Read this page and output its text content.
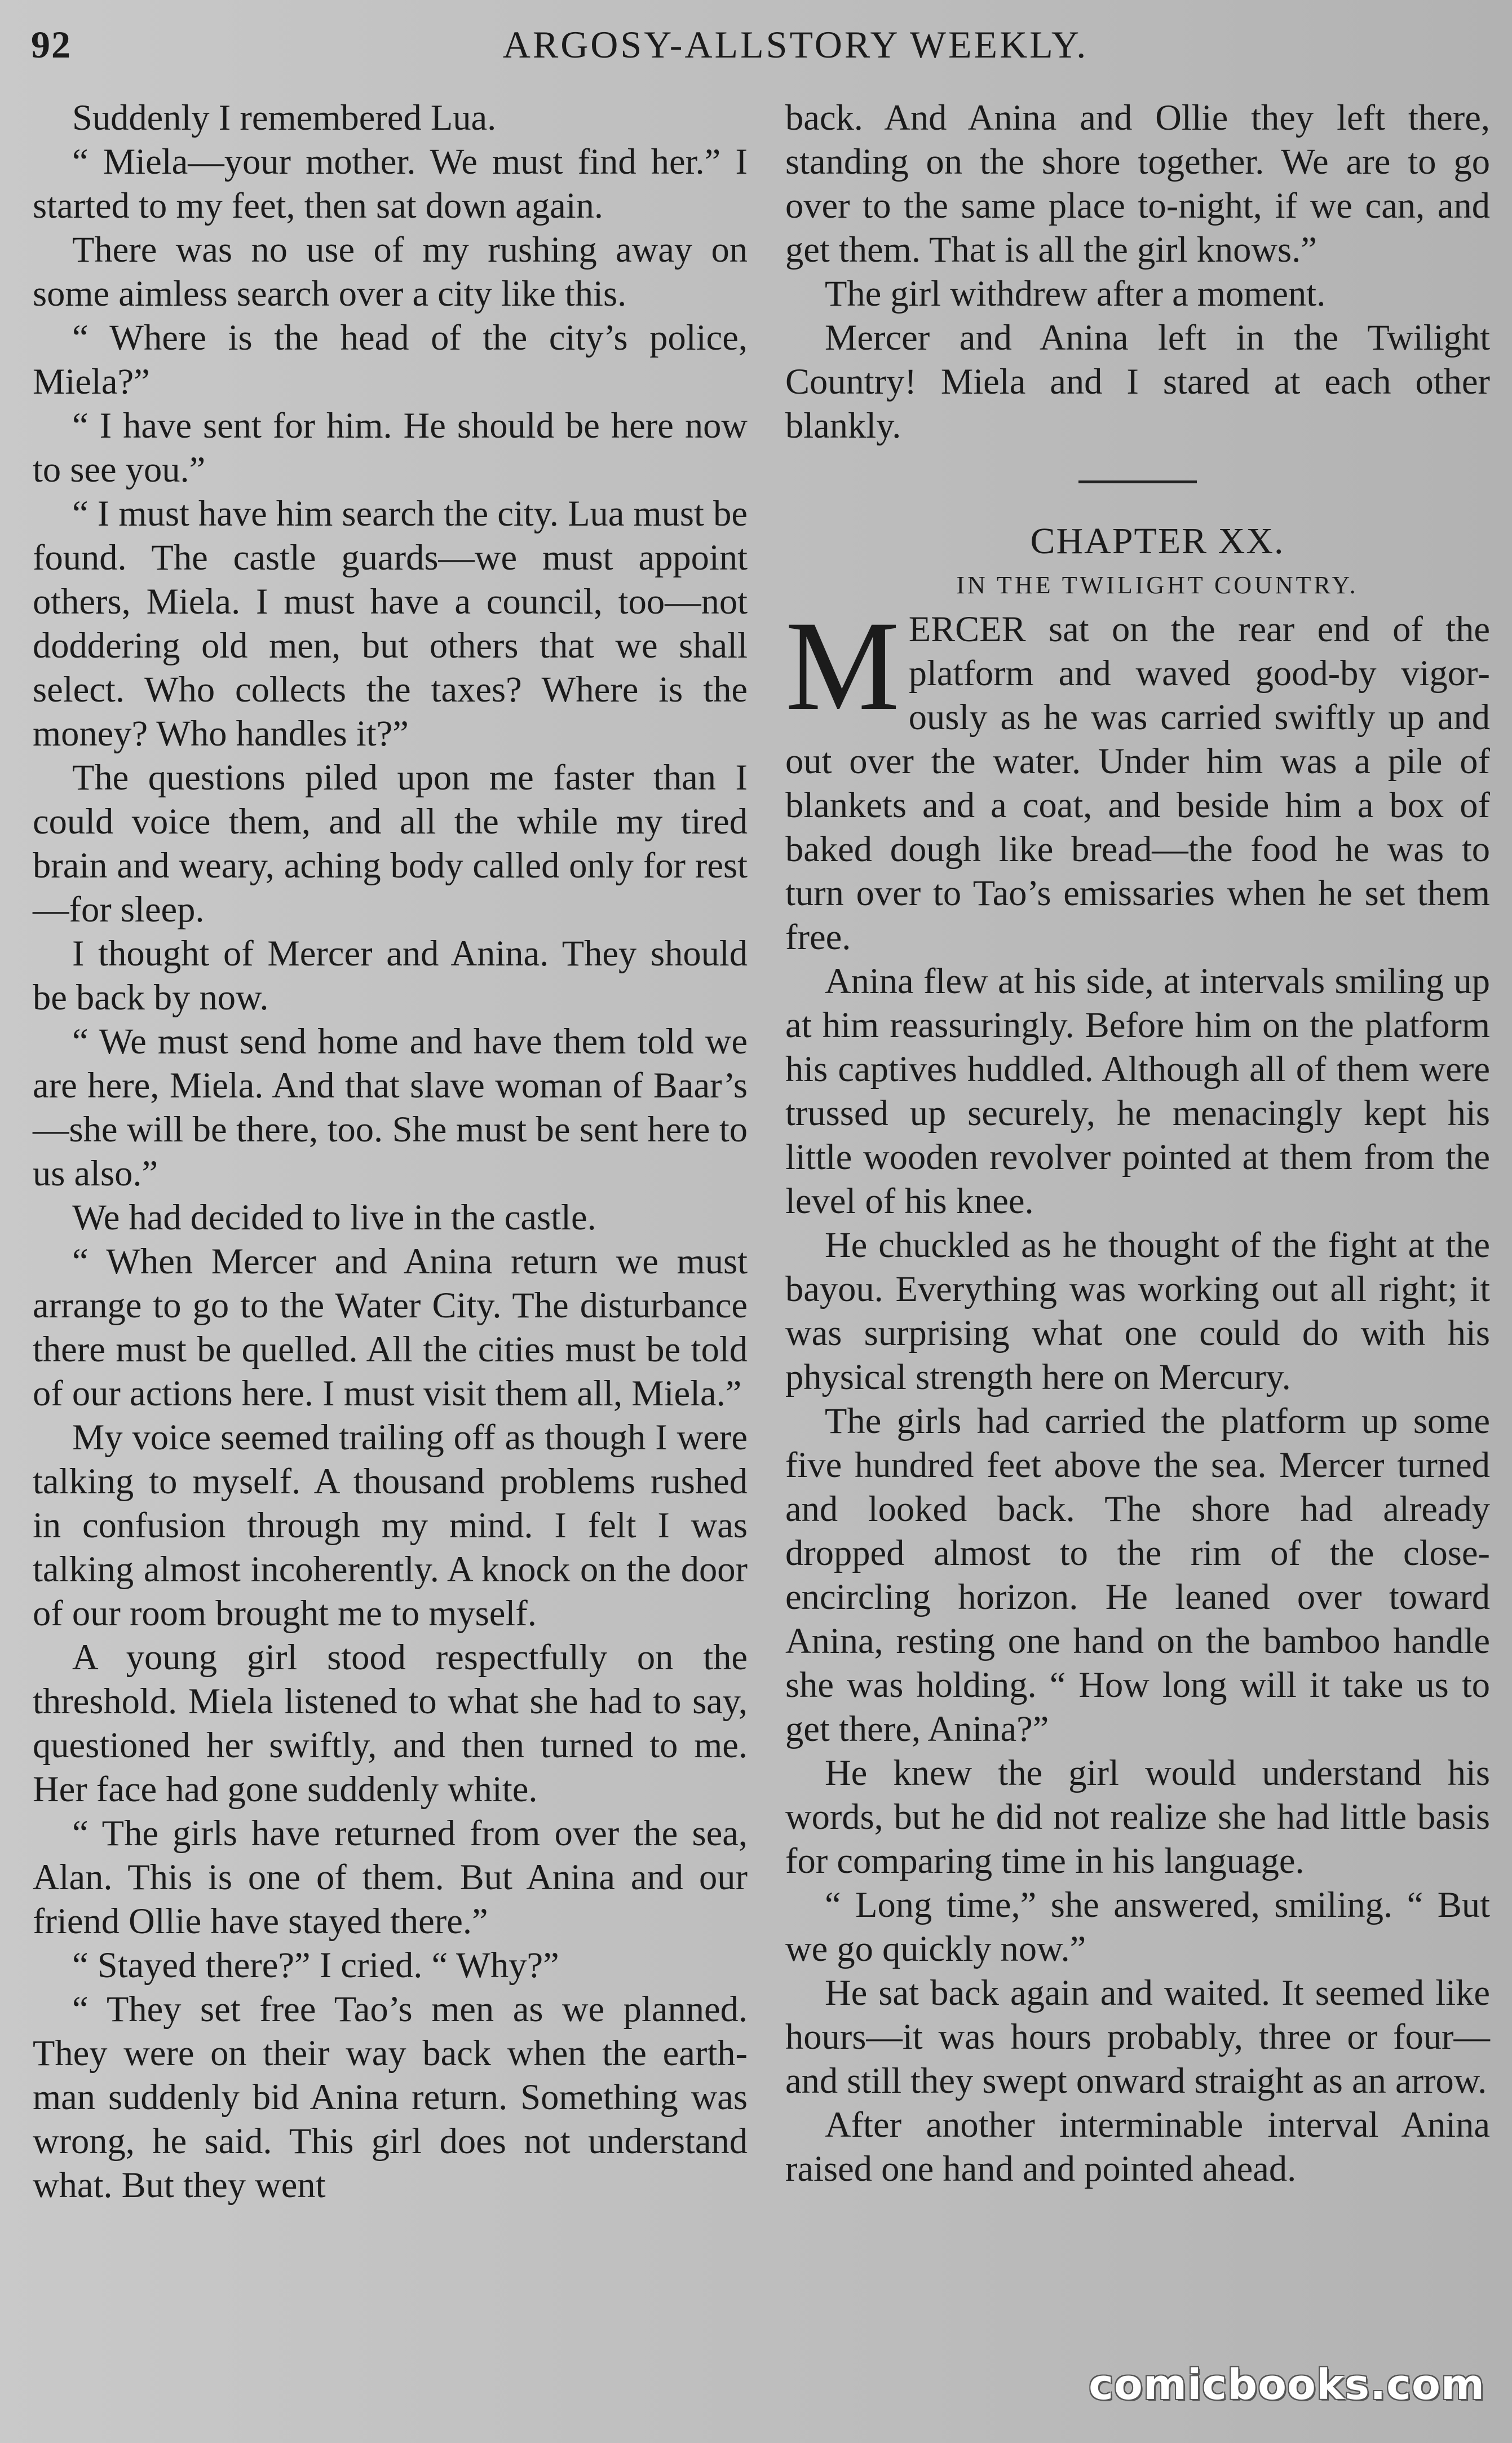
92	ARGOSY-ALLSTORY WEEKLY.

Suddenly I remembered Lua.

“ Miela—your mother. We must find her.” I started to my feet, then sat down again.

There was no use of my rushing away on some aimless search over a city like this.

“ Where is the head of the city’s police, Miela?”

“ I have sent for him. He should be here now to see you.”

“ I must have him search the city. Lua must be found. The castle guards—we must appoint others, Miela. I must have a council, too—not doddering old men, but others that we shall select. Who collects the taxes? Where is the money? Who handles it?”

The questions piled upon me faster than I could voice them, and all the while my tired brain and weary, aching body called only for rest—for sleep.

I thought of Mercer and Anina. They should be back by now.

“ We must send home and have them told we are here, Miela. And that slave woman of Baar’s—she will be there, too. She must be sent here to us also.”

We had decided to live in the castle.

“ When Mercer and Anina return we must arrange to go to the Water City. The disturbance there must be quelled. All the cities must be told of our actions here. I must visit them all, Miela.”

My voice seemed trailing off as though I were talking to myself. A thousand problems rushed in confusion through my mind. I felt I was talking almost incoherently. A knock on the door of our room brought me to myself.

A young girl stood respectfully on the threshold. Miela listened to what she had to say, questioned her swiftly, and then turned to me. Her face had gone suddenly white.

“ The girls have returned from over the sea, Alan. This is one of them. But Anina and our friend Ollie have stayed there.”

“ Stayed there?” I cried. “ Why?”

“ They set free Tao’s men as we planned. They were on their way back when the earth-man suddenly bid Anina return. Something was wrong, he said. This girl does not understand what. But they went

back. And Anina and Ollie they left there, standing on the shore together. We are to go over to the same place to-night, if we can, and get them. That is all the girl knows.”

The girl withdrew after a moment.

Mercer and Anina left in the Twilight Country! Miela and I stared at each other blankly.

CHAPTER XX.

IN THE TWILIGHT COUNTRY.

MERCER sat on the rear end of the platform and waved good-by vigorously as he was carried swiftly up and out over the water. Under him was a pile of blankets and a coat, and beside him a box of baked dough like bread—the food he was to turn over to Tao’s emissaries when he set them free.

Anina flew at his side, at intervals smiling up at him reassuringly. Before him on the platform his captives huddled. Although all of them were trussed up securely, he menacingly kept his little wooden revolver pointed at them from the level of his knee.

He chuckled as he thought of the fight at the bayou. Everything was working out all right; it was surprising what one could do with his physical strength here on Mercury.

The girls had carried the platform up some five hundred feet above the sea. Mercer turned and looked back. The shore had already dropped almost to the rim of the close-encircling horizon. He leaned over toward Anina, resting one hand on the bamboo handle she was holding. “ How long will it take us to get there, Anina?”

He knew the girl would understand his words, but he did not realize she had little basis for comparing time in his language.

“ Long time,” she answered, smiling. “ But we go quickly now.”

He sat back again and waited. It seemed like hours—it was hours probably, three or four—and still they swept onward straight as an arrow.

After another interminable interval Anina raised one hand and pointed ahead.

comicbooks.com
